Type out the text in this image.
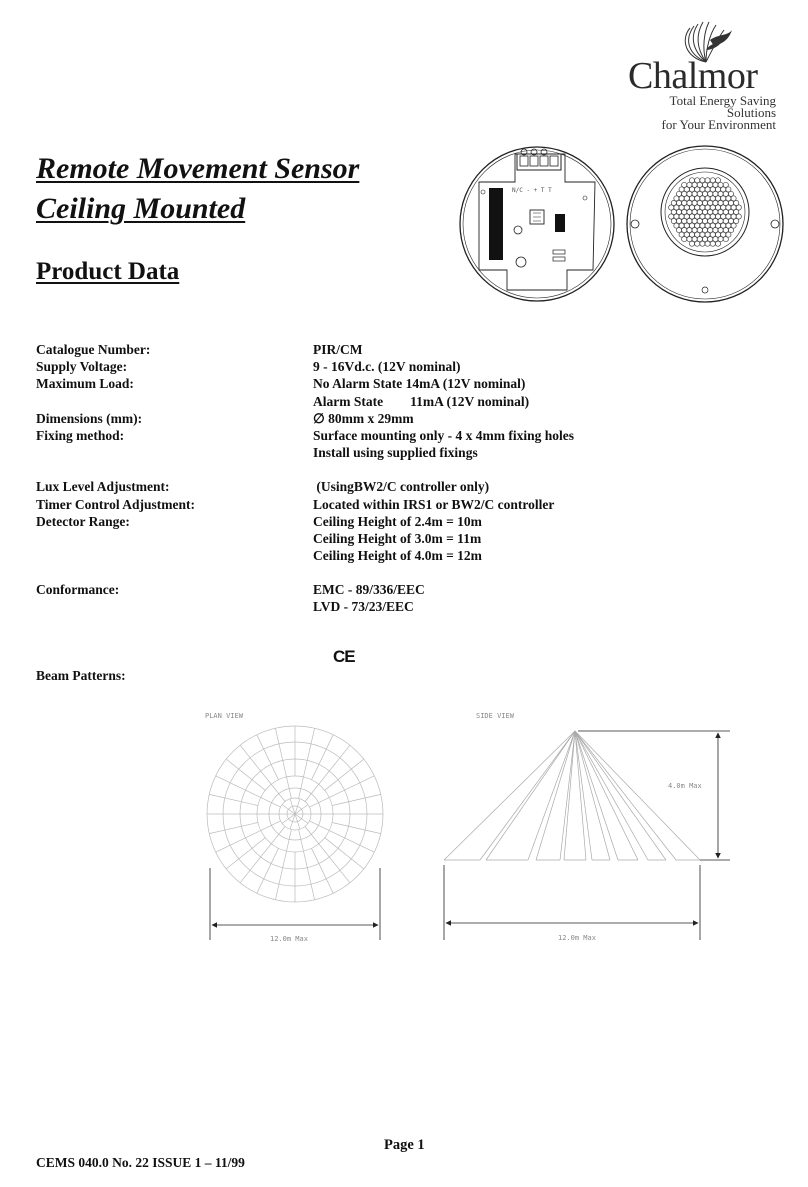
Chalmor
Total Energy Saving Solutions
for Your Environment
N/C - + T T
Remote Movement Sensor
Ceiling Mounted
Product Data
Catalogue Number:	PIR/CM
Supply Voltage:	9 - 16Vd.c. (12V nominal)
Maximum Load:	No Alarm State 14mA (12V nominal)
Alarm State        11mA (12V nominal)
Dimensions (mm):	∅ 80mm x 29mm
Fixing method:	Surface mounting only - 4 x 4mm fixing holes
Install using supplied fixings
Lux Level Adjustment:	(UsingBW2/C controller only)
Timer Control Adjustment:	Located within IRS1 or BW2/C controller
Detector Range:	Ceiling Height of 2.4m = 10m
Ceiling Height of 3.0m = 11m
Ceiling Height of 4.0m = 12m
Conformance:	EMC - 89/336/EEC
LVD - 73/23/EEC
CE
Beam Patterns:
PLAN VIEW
12.0m Max
SIDE VIEW
4.0m Max
12.0m Max
Page 1
CEMS 040.0 No. 22 ISSUE 1 – 11/99
